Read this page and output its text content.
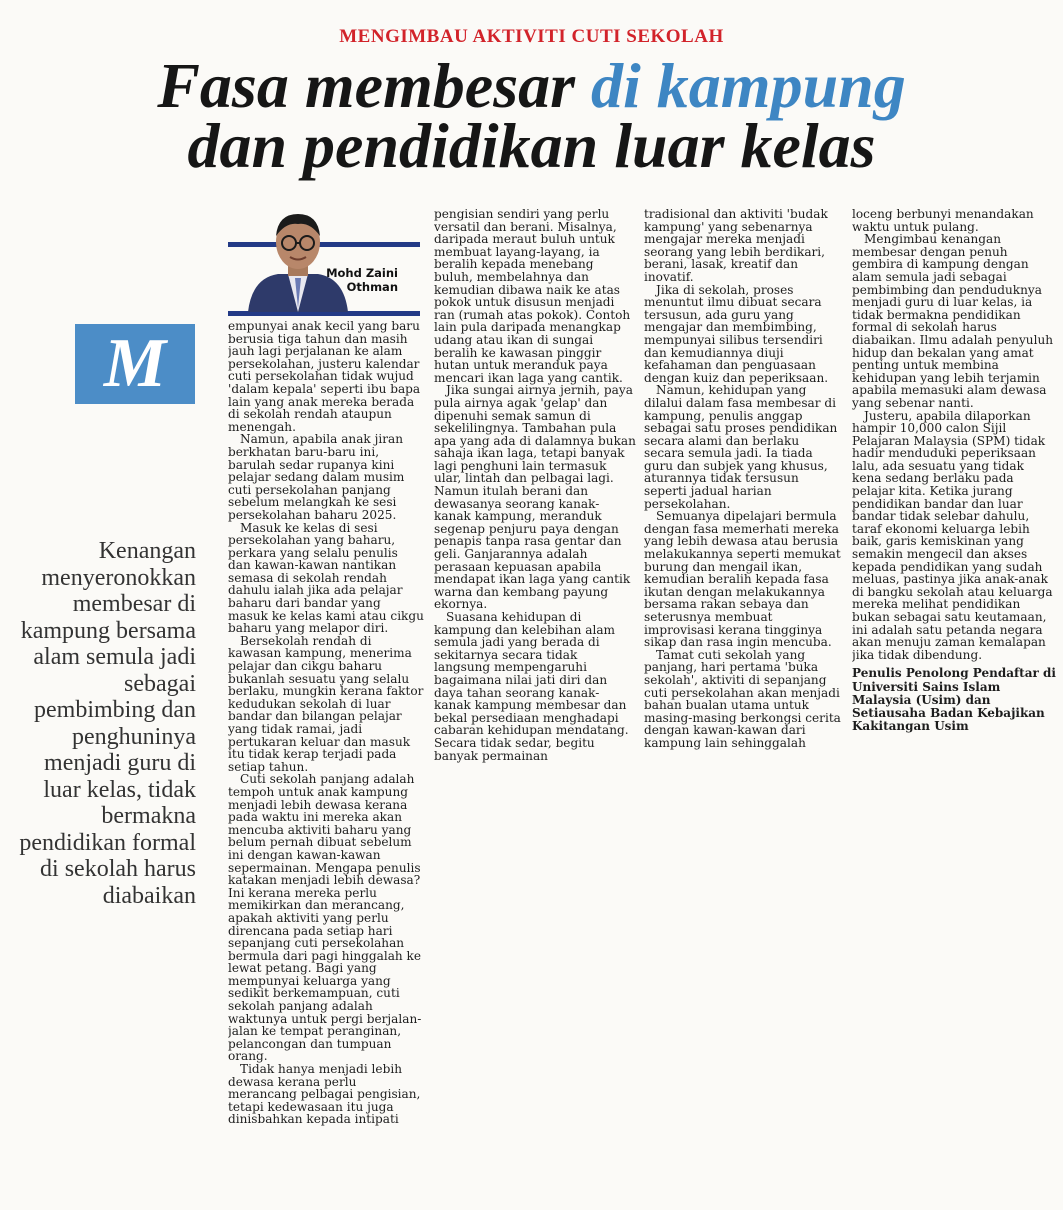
MENGIMBAU AKTIVITI CUTI SEKOLAH
Fasa membesar di kampung
dan pendidikan luar kelas
Mohd Zaini
Othman
M
Kenangan menyeronokkan membesar di kampung bersama alam semula jadi sebagai pembimbing dan penghuninya menjadi guru di luar kelas, tidak bermakna pendidikan formal di sekolah harus diabaikan

empunyai anak kecil yang baru berusia tiga tahun dan masih jauh lagi perjalanan ke alam persekolahan, justeru kalendar cuti persekolahan tidak wujud 'dalam kepala' seperti ibu bapa lain yang anak mereka berada di sekolah rendah ataupun menengah.

Namun, apabila anak jiran berkhatan baru-baru ini, barulah sedar rupanya kini pelajar sedang dalam musim cuti persekolahan panjang sebelum melangkah ke sesi persekolahan baharu 2025.

Masuk ke kelas di sesi persekolahan yang baharu, perkara yang selalu penulis dan kawan-kawan nantikan semasa di sekolah rendah dahulu ialah jika ada pelajar baharu dari bandar yang masuk ke kelas kami atau cikgu baharu yang melapor diri.

Bersekolah rendah di kawasan kampung, menerima pelajar dan cikgu baharu bukanlah sesuatu yang selalu berlaku, mungkin kerana faktor kedudukan sekolah di luar bandar dan bilangan pelajar yang tidak ramai, jadi pertukaran keluar dan masuk itu tidak kerap terjadi pada setiap tahun.

Cuti sekolah panjang adalah tempoh untuk anak kampung menjadi lebih dewasa kerana pada waktu ini mereka akan mencuba aktiviti baharu yang belum pernah dibuat sebelum ini dengan kawan-kawan sepermainan. Mengapa penulis katakan menjadi lebih dewasa? Ini kerana mereka perlu memikirkan dan merancang, apakah aktiviti yang perlu direncana pada setiap hari sepanjang cuti persekolahan bermula dari pagi hinggalah ke lewat petang. Bagi yang mempunyai keluarga yang sedikit berkemampuan, cuti sekolah panjang adalah waktunya untuk pergi berjalan-jalan ke tempat peranginan, pelancongan dan tumpuan orang.

Tidak hanya menjadi lebih dewasa kerana perlu merancang pelbagai pengisian, tetapi kedewasaan itu juga dinisbahkan kepada intipati

pengisian sendiri yang perlu versatil dan berani. Misalnya, daripada meraut buluh untuk membuat layang-layang, ia beralih kepada menebang buluh, membelahnya dan kemudian dibawa naik ke atas pokok untuk disusun menjadi ran (rumah atas pokok). Contoh lain pula daripada menangkap udang atau ikan di sungai beralih ke kawasan pinggir hutan untuk meranduk paya mencari ikan laga yang cantik.

Jika sungai airnya jernih, paya pula airnya agak 'gelap' dan dipenuhi semak samun di sekelilingnya. Tambahan pula apa yang ada di dalamnya bukan sahaja ikan laga, tetapi banyak lagi penghuni lain termasuk ular, lintah dan pelbagai lagi. Namun itulah berani dan dewasanya seorang kanak-kanak kampung, meranduk segenap penjuru paya dengan penapis tanpa rasa gentar dan geli. Ganjarannya adalah perasaan kepuasan apabila mendapat ikan laga yang cantik warna dan kembang payung ekornya.

Suasana kehidupan di kampung dan kelebihan alam semula jadi yang berada di sekitarnya secara tidak langsung mempengaruhi bagaimana nilai jati diri dan daya tahan seorang kanak-kanak kampung membesar dan bekal persediaan menghadapi cabaran kehidupan mendatang. Secara tidak sedar, begitu banyak permainan

tradisional dan aktiviti 'budak kampung' yang sebenarnya mengajar mereka menjadi seorang yang lebih berdikari, berani, lasak, kreatif dan inovatif.

Jika di sekolah, proses menuntut ilmu dibuat secara tersusun, ada guru yang mengajar dan membimbing, mempunyai silibus tersendiri dan kemudiannya diuji kefahaman dan penguasaan dengan kuiz dan peperiksaan.

Namun, kehidupan yang dilalui dalam fasa membesar di kampung, penulis anggap sebagai satu proses pendidikan secara alami dan berlaku secara semula jadi. Ia tiada guru dan subjek yang khusus, aturannya tidak tersusun seperti jadual harian persekolahan.

Semuanya dipelajari bermula dengan fasa memerhati mereka yang lebih dewasa atau berusia melakukannya seperti memukat burung dan mengail ikan, kemudian beralih kepada fasa ikutan dengan melakukannya bersama rakan sebaya dan seterusnya membuat improvisasi kerana tingginya sikap dan rasa ingin mencuba.

Tamat cuti sekolah yang panjang, hari pertama 'buka sekolah', aktiviti di sepanjang cuti persekolahan akan menjadi bahan bualan utama untuk masing-masing berkongsi cerita dengan kawan-kawan dari kampung lain sehinggalah

loceng berbunyi menandakan waktu untuk pulang.

Mengimbau kenangan membesar dengan penuh gembira di kampung dengan alam semula jadi sebagai pembimbing dan penduduknya menjadi guru di luar kelas, ia tidak bermakna pendidikan formal di sekolah harus diabaikan. Ilmu adalah penyuluh hidup dan bekalan yang amat penting untuk membina kehidupan yang lebih terjamin apabila memasuki alam dewasa yang sebenar nanti.

Justeru, apabila dilaporkan hampir 10,000 calon Sijil Pelajaran Malaysia (SPM) tidak hadir menduduki peperiksaan lalu, ada sesuatu yang tidak kena sedang berlaku pada pelajar kita. Ketika jurang pendidikan bandar dan luar bandar tidak selebar dahulu, taraf ekonomi keluarga lebih baik, garis kemiskinan yang semakin mengecil dan akses kepada pendidikan yang sudah meluas, pastinya jika anak-anak di bangku sekolah atau keluarga mereka melihat pendidikan bukan sebagai satu keutamaan, ini adalah satu petanda negara akan menuju zaman kemalapan jika tidak dibendung.

Penulis Penolong Pendaftar di Universiti Sains Islam Malaysia (Usim) dan Setiausaha Badan Kebajikan Kakitangan Usim
